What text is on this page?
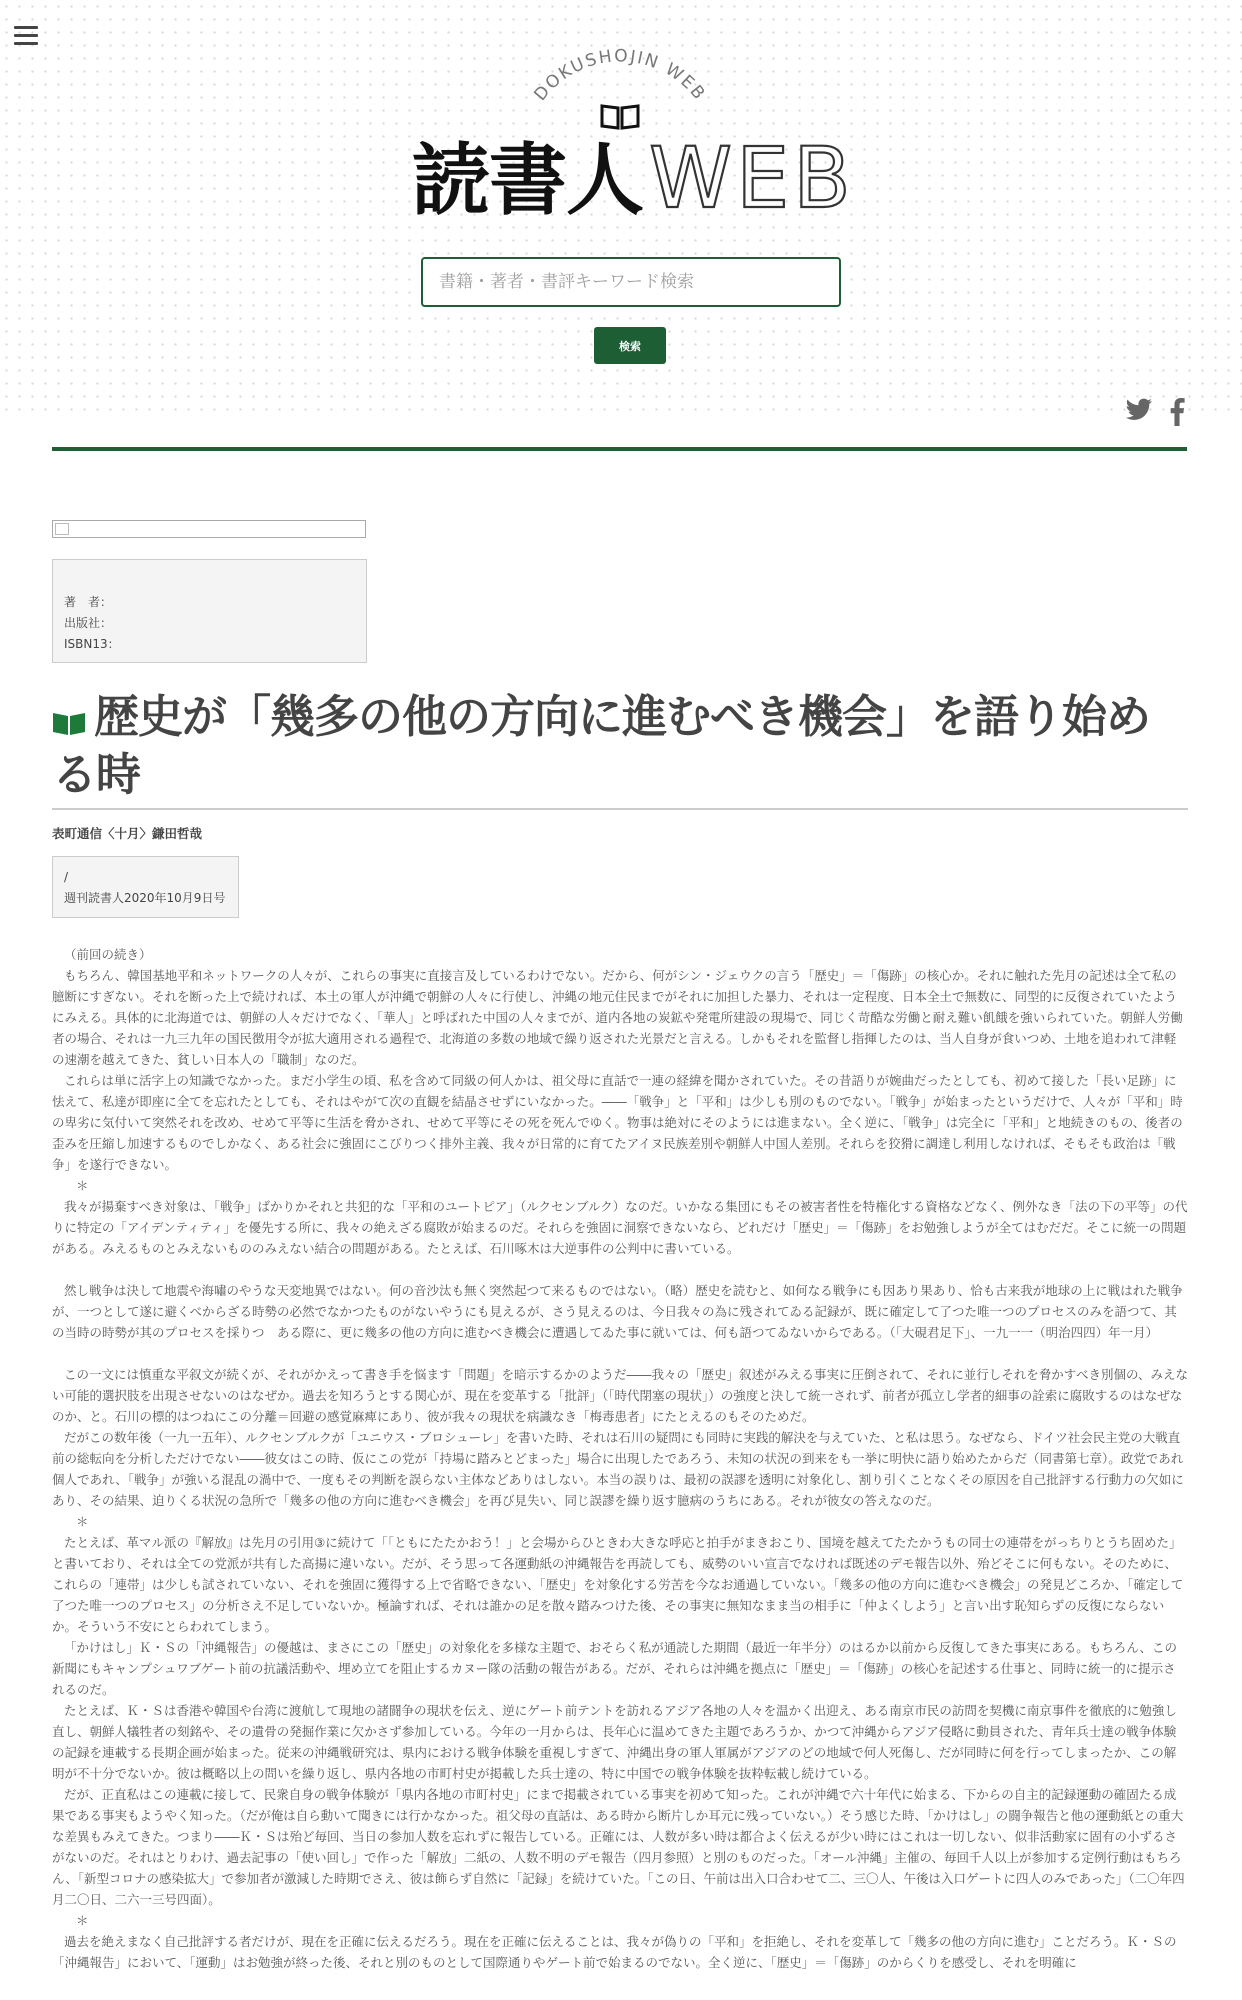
DOKUSHOJIN WEB
読書人 WEB
書籍・著者・書評キーワード検索
検索
著　者：
出版社：
ISBN13：
歴史が「幾多の他の方向に進むべき機会」を語り始める時
表町通信〈十月〉鎌田哲哉
/
週刊読書人2020年10月9日号

（前回の続き）

もちろん、韓国基地平和ネットワークの人々が、これらの事実に直接言及しているわけでない。だから、何がシン・ジェウクの言う「歴史」＝「傷跡」の核心か。それに触れた先月の記述は全て私の臆断にすぎない。それを断った上で続ければ、本土の軍人が沖縄で朝鮮の人々に行使し、沖縄の地元住民までがそれに加担した暴力、それは一定程度、日本全土で無数に、同型的に反復されていたようにみえる。具体的に北海道では、朝鮮の人々だけでなく、「華人」と呼ばれた中国の人々までが、道内各地の炭鉱や発電所建設の現場で、同じく苛酷な労働と耐え難い飢餓を強いられていた。朝鮮人労働者の場合、それは一九三九年の国民徴用令が拡大適用される過程で、北海道の多数の地域で繰り返された光景だと言える。しかもそれを監督し指揮したのは、当人自身が食いつめ、土地を追われて津軽の速潮を越えてきた、貧しい日本人の「職制」なのだ。

これらは単に活字上の知識でなかった。まだ小学生の頃、私を含めて同級の何人かは、祖父母に直話で一連の経緯を聞かされていた。その昔語りが婉曲だったとしても、初めて接した「長い足跡」に怯えて、私達が即座に全てを忘れたとしても、それはやがて次の直観を結晶させずにいなかった。――「戦争」と「平和」は少しも別のものでない。「戦争」が始まったというだけで、人々が「平和」時の卑劣に気付いて突然それを改め、せめて平等に生活を脅かされ、せめて平等にその死を死んでゆく。物事は絶対にそのようには進まない。全く逆に、「戦争」は完全に「平和」と地続きのもの、後者の歪みを圧縮し加速するものでしかなく、ある社会に強固にこびりつく排外主義、我々が日常的に育てたアイヌ民族差別や朝鮮人中国人差別。それらを狡猾に調達し利用しなければ、そもそも政治は「戦争」を遂行できない。

＊

我々が揚棄すべき対象は、「戦争」ばかりかそれと共犯的な「平和のユートピア」（ルクセンブルク）なのだ。いかなる集団にもその被害者性を特権化する資格などなく、例外なき「法の下の平等」の代りに特定の「アイデンティティ」を優先する所に、我々の絶えざる腐敗が始まるのだ。それらを強固に洞察できないなら、どれだけ「歴史」＝「傷跡」をお勉強しようが全てはむだだ。そこに統一の問題がある。みえるものとみえないもののみえない結合の問題がある。たとえば、石川啄木は大逆事件の公判中に書いている。

然し戦争は決して地震や海嘯のやうな天変地異ではない。何の音沙汰も無く突然起つて来るものではない。（略）歴史を読むと、如何なる戦争にも因あり果あり、恰も古来我が地球の上に戦はれた戦争が、一つとして遂に避くべからざる時勢の必然でなかつたものがないやうにも見えるが、さう見えるのは、今日我々の為に残されてゐる記録が、既に確定して了つた唯一つのプロセスのみを語つて、其の当時の時勢が其のプロセスを採りつ　ある際に、更に幾多の他の方向に進むべき機会に遭遇してゐた事に就いては、何も語つてゐないからである。（「大硯君足下」、一九一一（明治四四）年一月）

この一文には慎重な平叙文が続くが、それがかえって書き手を悩ます「問題」を暗示するかのようだ――我々の「歴史」叙述がみえる事実に圧倒されて、それに並行しそれを脅かすべき別個の、みえない可能的選択肢を出現させないのはなぜか。過去を知ろうとする関心が、現在を変革する「批評」（「時代閉塞の現状」）の強度と決して統一されず、前者が孤立し学者的細事の詮索に腐敗するのはなぜなのか、と。石川の標的はつねにこの分離＝回避の感覚麻痺にあり、彼が我々の現状を病識なき「梅毒患者」にたとえるのもそのためだ。

だがこの数年後（一九一五年）、ルクセンブルクが「ユニウス・ブロシューレ」を書いた時、それは石川の疑問にも同時に実践的解決を与えていた、と私は思う。なぜなら、ドイツ社会民主党の大戦直前の総転向を分析しただけでない――彼女はこの時、仮にこの党が「持場に踏みとどまった」場合に出現したであろう、未知の状況の到来をも一挙に明快に語り始めたからだ（同書第七章）。政党であれ個人であれ、「戦争」が強いる混乱の渦中で、一度もその判断を誤らない主体などありはしない。本当の誤りは、最初の誤謬を透明に対象化し、割り引くことなくその原因を自己批評する行動力の欠如にあり、その結果、迫りくる状況の急所で「幾多の他の方向に進むべき機会」を再び見失い、同じ誤謬を繰り返す臆病のうちにある。それが彼女の答えなのだ。

＊

たとえば、革マル派の『解放』は先月の引用③に続けて「「ともにたたかおう！」と会場からひときわ大きな呼応と拍手がまきおこり、国境を越えてたたかうもの同士の連帯をがっちりとうち固めた」と書いており、それは全ての党派が共有した高揚に違いない。だが、そう思って各運動紙の沖縄報告を再読しても、威勢のいい宣言でなければ既述のデモ報告以外、殆どそこに何もない。そのために、これらの「連帯」は少しも試されていない、それを強固に獲得する上で省略できない、「歴史」を対象化する労苦を今なお通過していない。「幾多の他の方向に進むべき機会」の発見どころか、「確定して了つた唯一つのプロセス」の分析さえ不足していないか。極論すれば、それは誰かの足を散々踏みつけた後、その事実に無知なまま当の相手に「仲よくしよう」と言い出す恥知らずの反復にならないか。そういう不安にとらわれてしまう。

「かけはし」Ｋ・Ｓの「沖縄報告」の優越は、まさにこの「歴史」の対象化を多様な主題で、おそらく私が通読した期間（最近一年半分）のはるか以前から反復してきた事実にある。もちろん、この新聞にもキャンプシュワブゲート前の抗議活動や、埋め立てを阻止するカヌー隊の活動の報告がある。だが、それらは沖縄を拠点に「歴史」＝「傷跡」の核心を記述する仕事と、同時に統一的に提示されるのだ。

たとえば、Ｋ・Ｓは香港や韓国や台湾に渡航して現地の諸闘争の現状を伝え、逆にゲート前テントを訪れるアジア各地の人々を温かく出迎え、ある南京市民の訪問を契機に南京事件を徹底的に勉強し直し、朝鮮人犠牲者の刻銘や、その遺骨の発掘作業に欠かさず参加している。今年の一月からは、長年心に温めてきた主題であろうか、かつて沖縄からアジア侵略に動員された、青年兵士達の戦争体験の記録を連載する長期企画が始まった。従来の沖縄戦研究は、県内における戦争体験を重視しすぎて、沖縄出身の軍人軍属がアジアのどの地域で何人死傷し、だが同時に何を行ってしまったか、この解明が不十分でないか。彼は概略以上の問いを繰り返し、県内各地の市町村史が掲載した兵士達の、特に中国での戦争体験を抜粋転載し続けている。

だが、正直私はこの連載に接して、民衆自身の戦争体験が「県内各地の市町村史」にまで掲載されている事実を初めて知った。これが沖縄で六十年代に始まる、下からの自主的記録運動の確固たる成果である事実もようやく知った。（だが俺は自ら動いて聞きには行かなかった。祖父母の直話は、ある時から断片しか耳元に残っていない。）そう感じた時、「かけはし」の闘争報告と他の運動紙との重大な差異もみえてきた。つまり――Ｋ・Ｓは殆ど毎回、当日の参加人数を忘れずに報告している。正確には、人数が多い時は都合よく伝えるが少い時にはこれは一切しない、似非活動家に固有の小ずるさがないのだ。それはとりわけ、過去記事の「使い回し」で作った「解放」二紙の、人数不明のデモ報告（四月参照）と別のものだった。「オール沖縄」主催の、毎回千人以上が参加する定例行動はもちろん、「新型コロナの感染拡大」で参加者が激減した時期でさえ、彼は飾らず自然に「記録」を続けていた。「この日、午前は出入口合わせて二、三〇人、午後は入口ゲートに四人のみであった」（二〇年四月二〇日、二六一三号四面）。

＊

過去を絶えまなく自己批評する者だけが、現在を正確に伝えるだろう。現在を正確に伝えることは、我々が偽りの「平和」を拒絶し、それを変革して「幾多の他の方向に進む」ことだろう。Ｋ・Ｓの「沖縄報告」において、「運動」はお勉強が終った後、それと別のものとして国際通りやゲート前で始まるのでない。全く逆に、「歴史」＝「傷跡」のからくりを感受し、それを明確に
